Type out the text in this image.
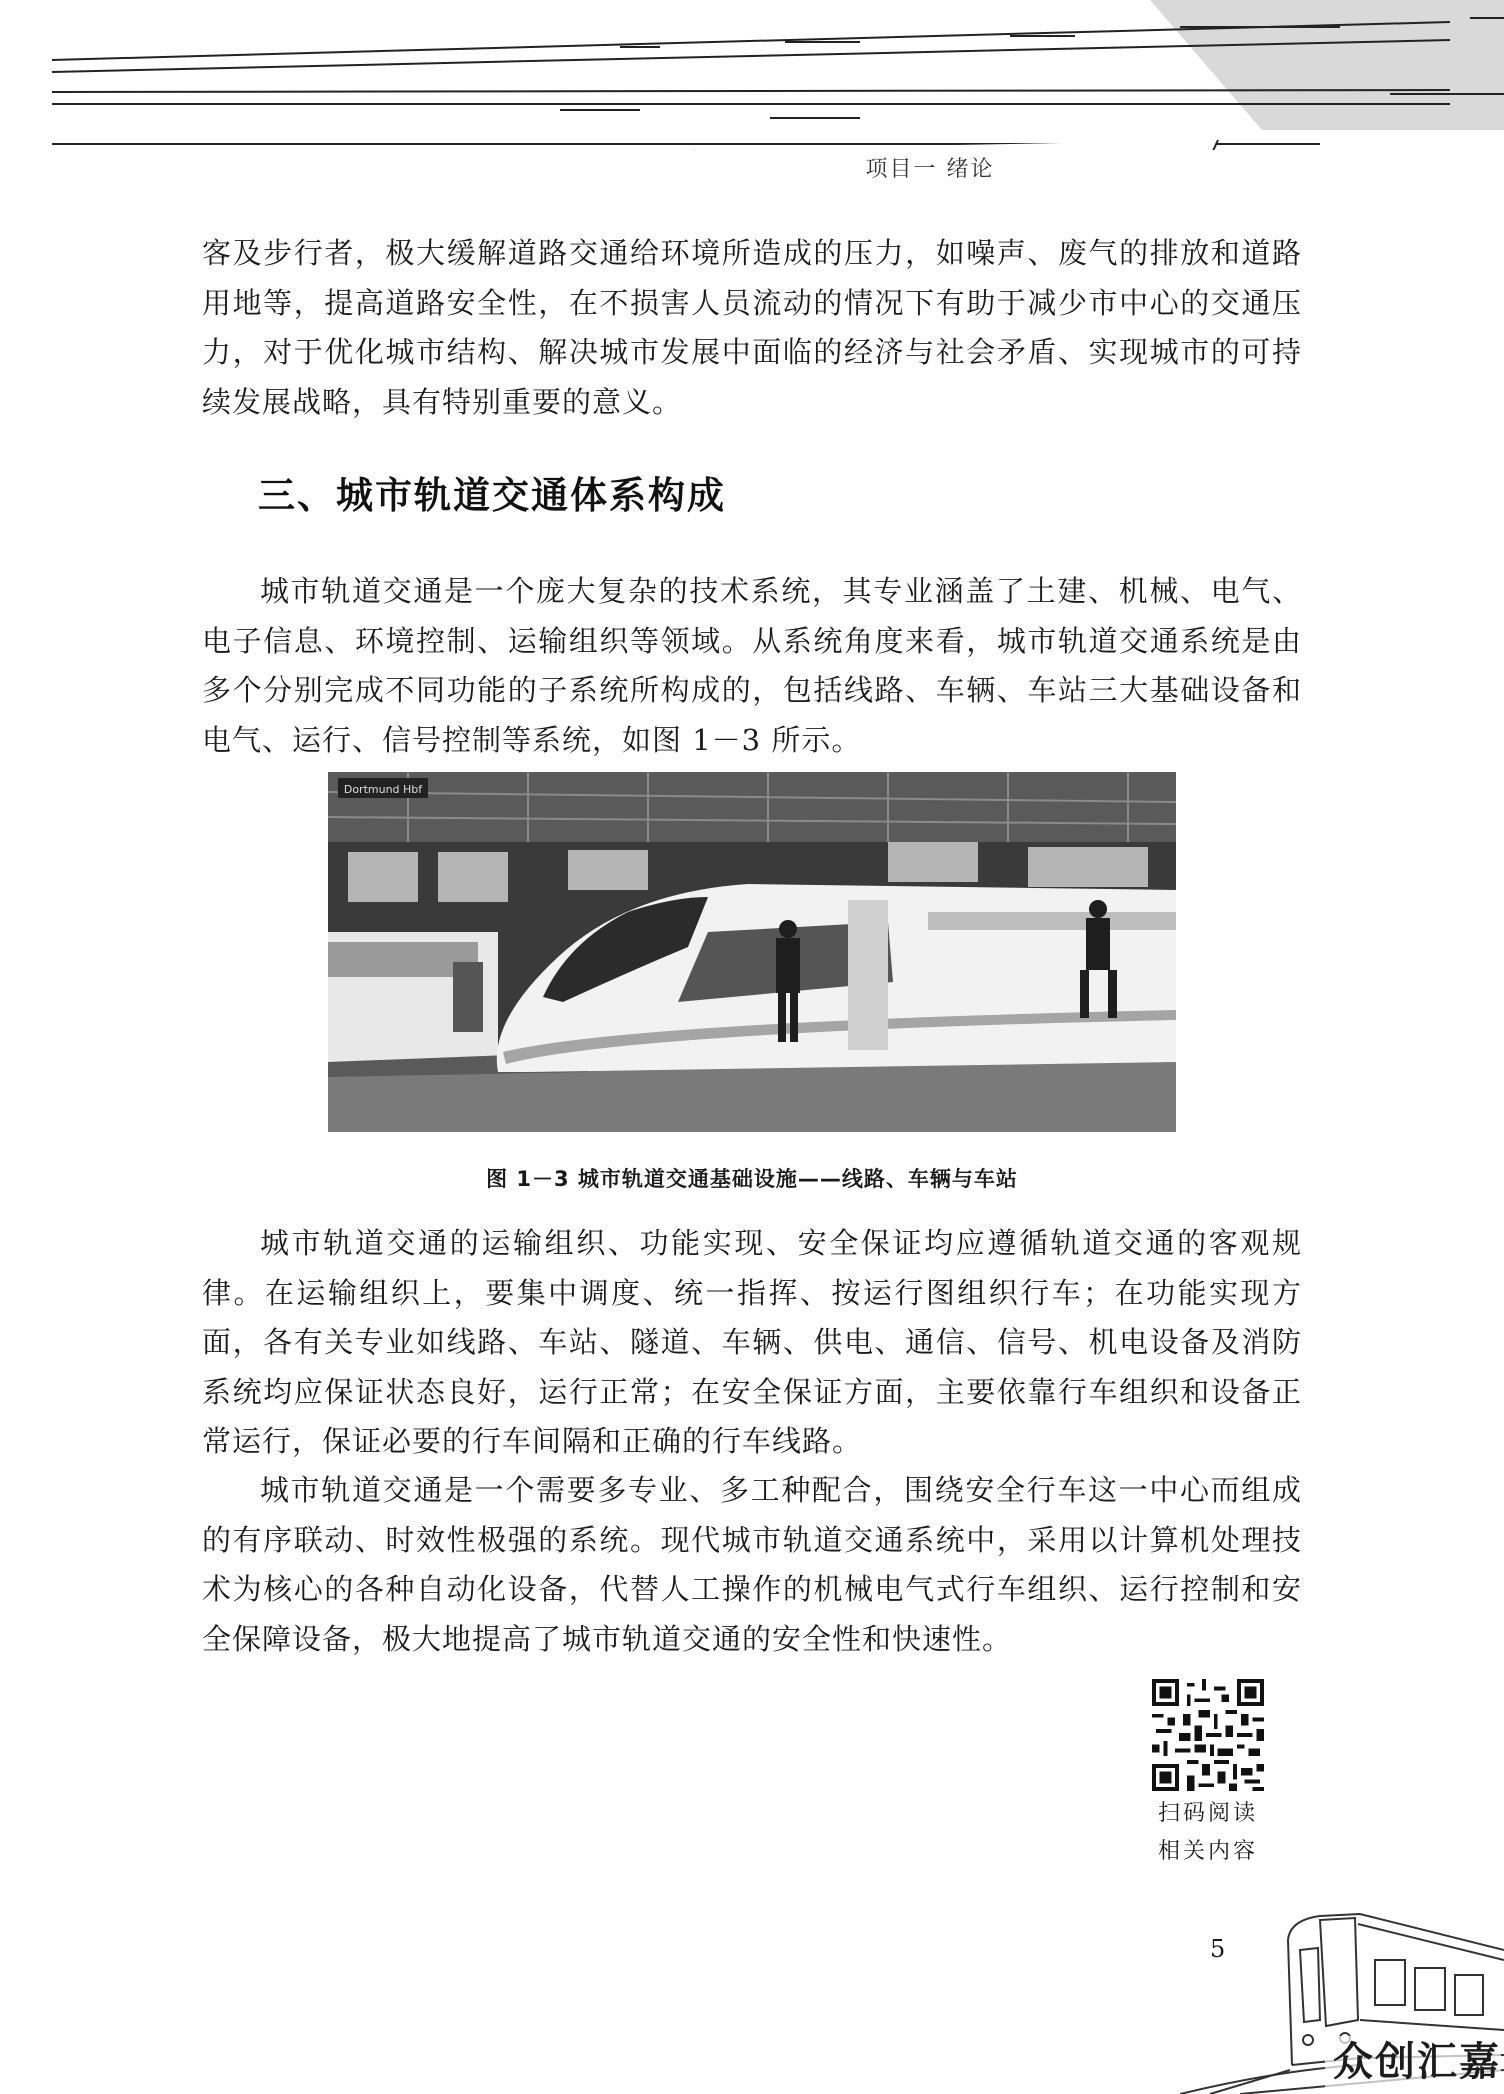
项目一 绪论

客及步行者，极大缓解道路交通给环境所造成的压力，如噪声、废气的排放和道路用地等，提高道路安全性，在不损害人员流动的情况下有助于减少市中心的交通压力，对于优化城市结构、解决城市发展中面临的经济与社会矛盾、实现城市的可持续发展战略，具有特别重要的意义。

三、城市轨道交通体系构成

城市轨道交通是一个庞大复杂的技术系统，其专业涵盖了土建、机械、电气、电子信息、环境控制、运输组织等领域。从系统角度来看，城市轨道交通系统是由多个分别完成不同功能的子系统所构成的，包括线路、车辆、车站三大基础设备和电气、运行、信号控制等系统，如图 1－3 所示。

Dortmund Hbf
图 1－3 城市轨道交通基础设施——线路、车辆与车站

城市轨道交通的运输组织、功能实现、安全保证均应遵循轨道交通的客观规律。在运输组织上，要集中调度、统一指挥、按运行图组织行车；在功能实现方面，各有关专业如线路、车站、隧道、车辆、供电、通信、信号、机电设备及消防系统均应保证状态良好，运行正常；在安全保证方面，主要依靠行车组织和设备正常运行，保证必要的行车间隔和正确的行车线路。

城市轨道交通是一个需要多专业、多工种配合，围绕安全行车这一中心而组成的有序联动、时效性极强的系统。现代城市轨道交通系统中，采用以计算机处理技术为核心的各种自动化设备，代替人工操作的机械电气式行车组织、运行控制和安全保障设备，极大地提高了城市轨道交通的安全性和快速性。

扫码阅读
相关内容
5
众创汇嘉
